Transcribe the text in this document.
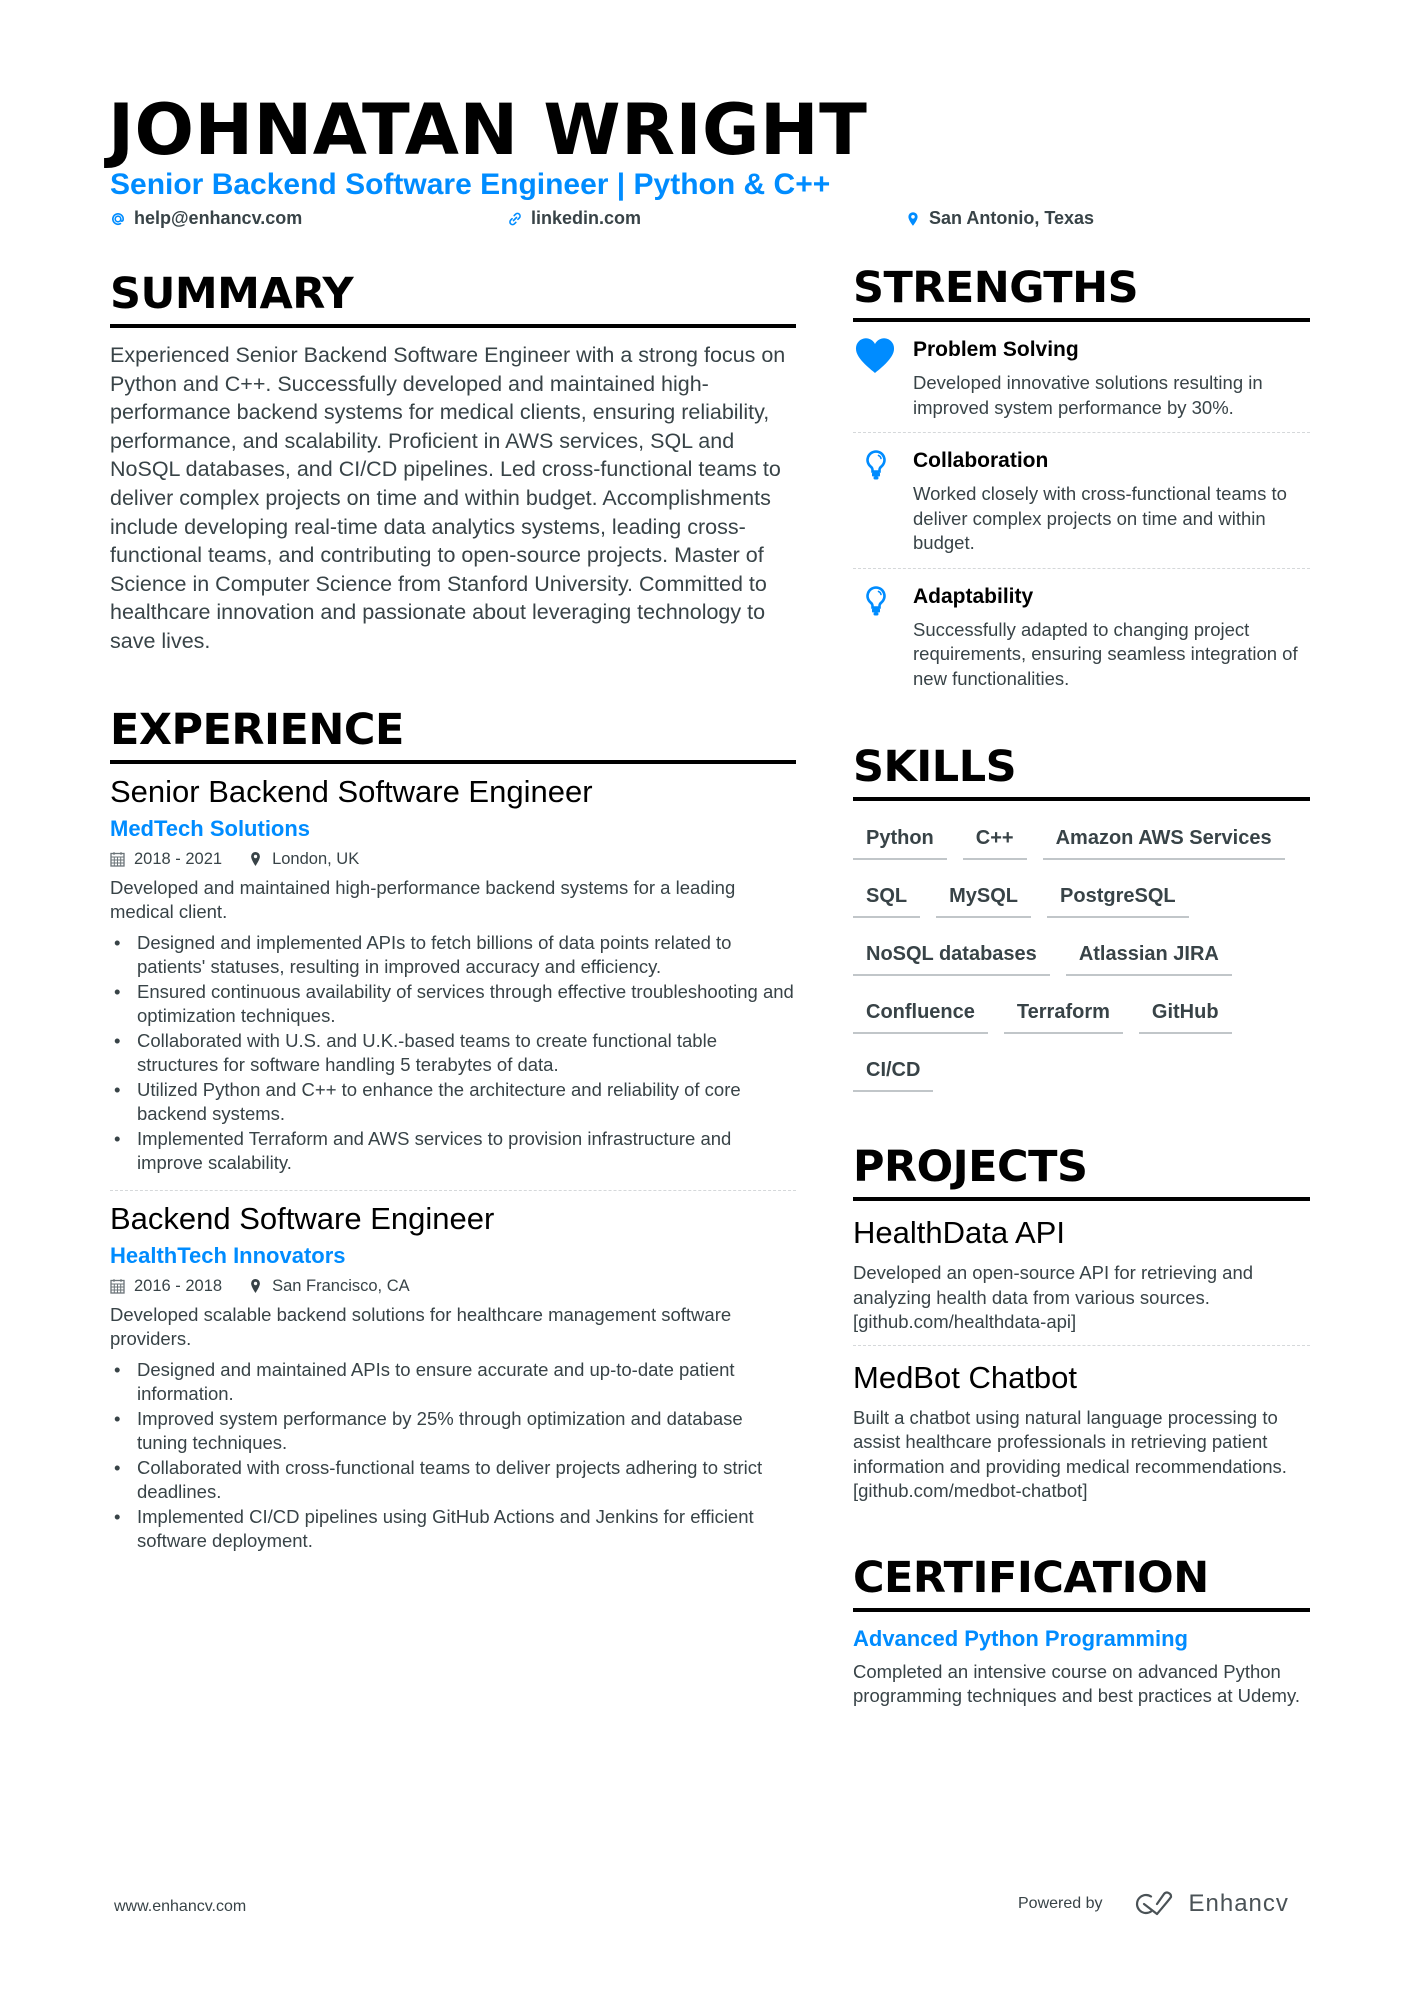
JOHNATAN WRIGHT
Senior Backend Software Engineer | Python & C++
help@enhancv.com	linkedin.com	San Antonio, Texas
SUMMARY

Experienced Senior Backend Software Engineer with a strong focus on Python and C++. Successfully developed and maintained high-performance backend systems for medical clients, ensuring reliability, performance, and scalability. Proficient in AWS services, SQL and NoSQL databases, and CI/CD pipelines. Led cross-functional teams to deliver complex projects on time and within budget. Accomplishments include developing real-time data analytics systems, leading cross-functional teams, and contributing to open-source projects. Master of Science in Computer Science from Stanford University. Committed to healthcare innovation and passionate about leveraging technology to save lives.

EXPERIENCE
Senior Backend Software Engineer
MedTech Solutions
2018 - 2021	London, UK

Developed and maintained high-performance backend systems for a leading medical client.

• Designed and implemented APIs to fetch billions of data points related to patients' statuses, resulting in improved accuracy and efficiency.
• Ensured continuous availability of services through effective troubleshooting and optimization techniques.
• Collaborated with U.S. and U.K.-based teams to create functional table structures for software handling 5 terabytes of data.
• Utilized Python and C++ to enhance the architecture and reliability of core backend systems.
• Implemented Terraform and AWS services to provision infrastructure and improve scalability.
Backend Software Engineer
HealthTech Innovators
2016 - 2018	San Francisco, CA

Developed scalable backend solutions for healthcare management software providers.

• Designed and maintained APIs to ensure accurate and up-to-date patient information.
• Improved system performance by 25% through optimization and database tuning techniques.
• Collaborated with cross-functional teams to deliver projects adhering to strict deadlines.
• Implemented CI/CD pipelines using GitHub Actions and Jenkins for efficient software deployment.
STRENGTHS
Problem Solving

Developed innovative solutions resulting in improved system performance by 30%.

Collaboration

Worked closely with cross-functional teams to deliver complex projects on time and within budget.

Adaptability

Successfully adapted to changing project requirements, ensuring seamless integration of new functionalities.

SKILLS
Python	C++	Amazon AWS Services
SQL	MySQL	PostgreSQL
NoSQL databases	Atlassian JIRA
Confluence	Terraform	GitHub
CI/CD
PROJECTS
HealthData API

Developed an open-source API for retrieving and analyzing health data from various sources. [github.com/healthdata-api]

MedBot Chatbot

Built a chatbot using natural language processing to assist healthcare professionals in retrieving patient information and providing medical recommendations. [github.com/medbot-chatbot]

CERTIFICATION
Advanced Python Programming

Completed an intensive course on advanced Python programming techniques and best practices at Udemy.

www.enhancv.com	Powered by	Enhancv
